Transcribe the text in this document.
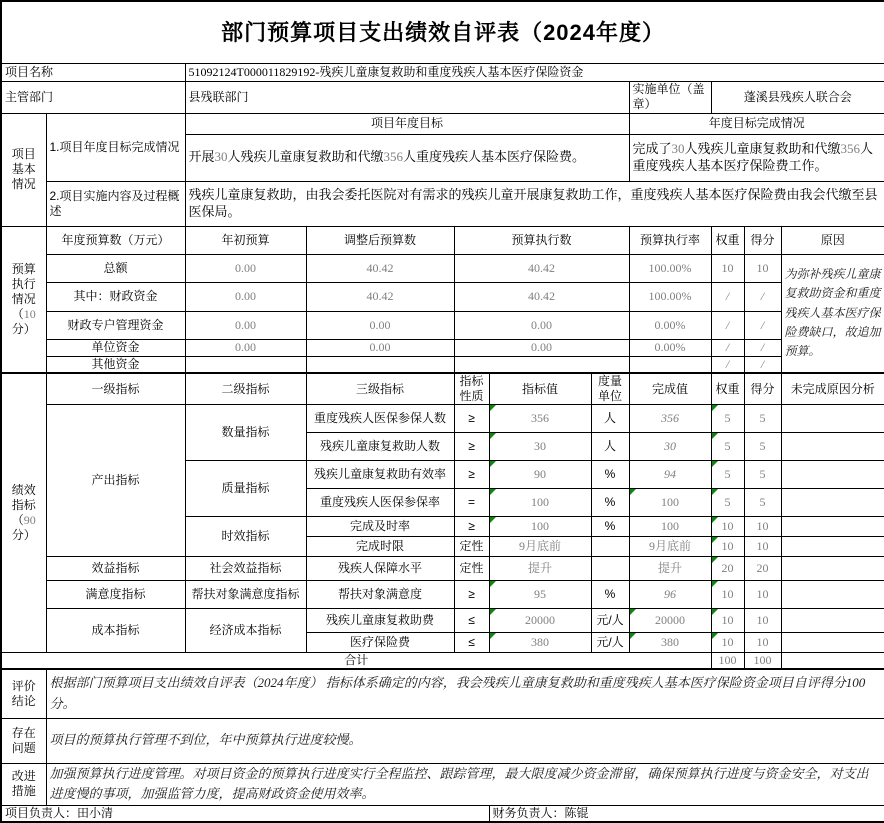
部门预算项目支出绩效自评表（2024年度）										
项目名称		51092124T000011829192-残疾儿童康复救助和重度残疾人基本医疗保险资金								
主管部门		县残联部门					实施单位（盖章）	蓬溪县残疾人联合会		
项目基本情况	1.项目年度目标完成情况	项目年度目标					年度目标完成情况			
		开展30人残疾儿童康复救助和代缴356人重度残疾人基本医疗保险费。					完成了30人残疾儿童康复救助和代缴356人重度残疾人基本医疗保险费工作。			
	2.项目实施内容及过程概述	残疾儿童康复救助，由我会委托医院对有需求的残疾儿童开展康复救助工作，重度残疾人基本医疗保险费由我会代缴至县医保局。								
预算执行情况（10分）	年度预算数（万元）	年初预算	调整后预算数	预算执行数			预算执行率	权重	得分	原因
	总额	0.00	40.42	40.42			100.00%	10	10	为弥补残疾儿童康复救助资金和重度残疾人基本医疗保险费缺口，故追加预算。
	其中：财政资金	0.00	40.42	40.42			100.00%	/	/	
	财政专户管理资金	0.00	0.00	0.00			0.00%	/	/	
	单位资金	0.00	0.00	0.00			0.00%	/	/	
	其他资金							/	/	
绩效指标（90分）	一级指标	二级指标	三级指标	指标性质	指标值	度量单位	完成值	权重	得分	未完成原因分析
	产出指标	数量指标	重度残疾人医保参保人数	≥	356	人	356	5	5	
			残疾儿童康复救助人数	≥	30	人	30	5	5	
		质量指标	残疾儿童康复救助有效率	≥	90	%	94	5	5	
			重度残疾人医保参保率	=	100	%	100	5	5	
		时效指标	完成及时率	≥	100	%	100	10	10	
			完成时限	定性	9月底前		9月底前	10	10	
	效益指标	社会效益指标	残疾人保障水平	定性	提升		提升	20	20	
	满意度指标	帮扶对象满意度指标	帮扶对象满意度	≥	95	%	96	10	10	
	成本指标	经济成本指标	残疾儿童康复救助费	≤	20000	元/人	20000	10	10	
			医疗保险费	≤	380	元/人	380	10	10	
合计								100	100	
评价结论	根据部门预算项目支出绩效自评表（2024年度） 指标体系确定的内容，我会残疾儿童康复救助和重度残疾人基本医疗保险资金项目自评得分100分。									
存在问题	项目的预算执行管理不到位，年中预算执行进度较慢。									
改进措施	加强预算执行进度管理。对项目资金的预算执行进度实行全程监控、跟踪管理，最大限度减少资金滞留，确保预算执行进度与资金安全，对支出进度慢的事项，加强监管力度，提高财政资金使用效率。									
项目负责人：田小清					财务负责人：陈锟					
